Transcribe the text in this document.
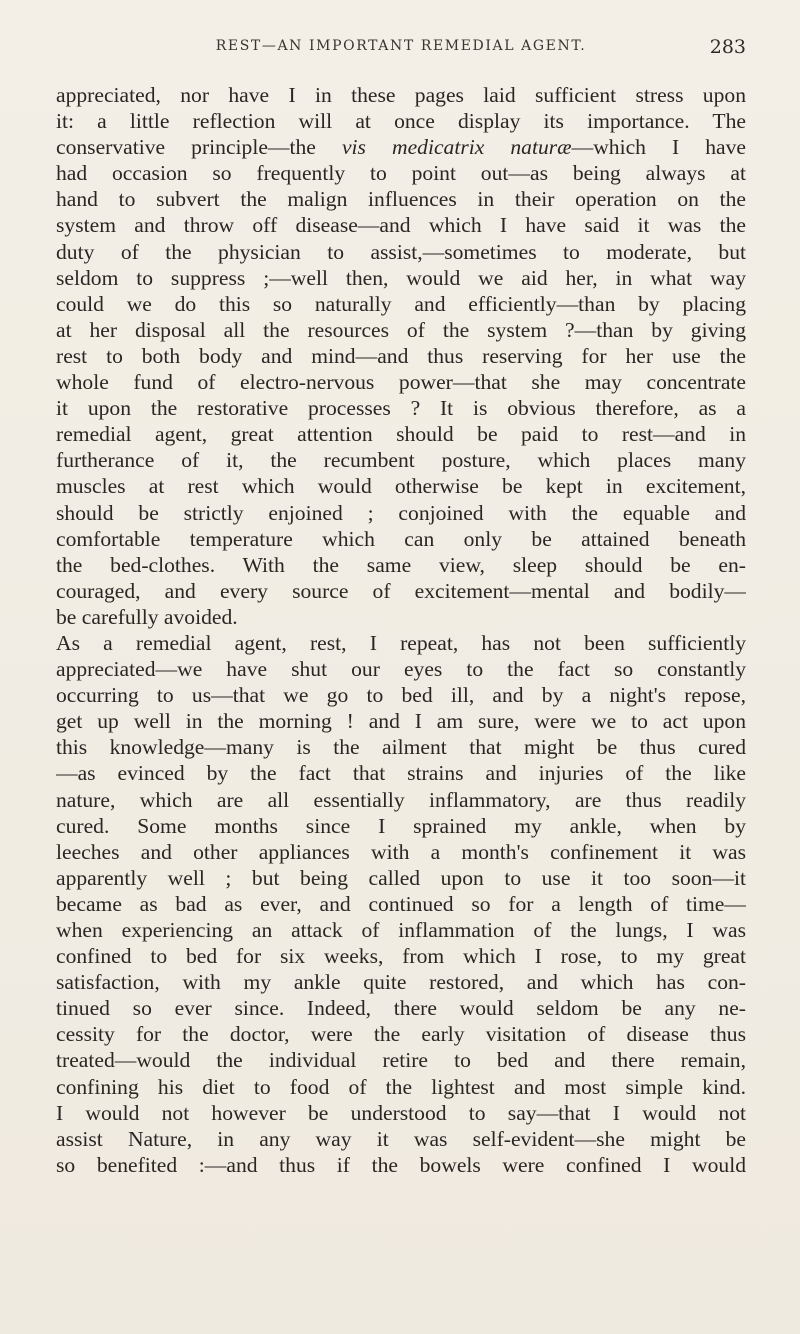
REST—AN IMPORTANT REMEDIAL AGENT.	283
appreciated, nor have I in these pages laid sufficient stress upon
it: a little reflection will at once display its importance. The
conservative principle—the vis medicatrix naturæ—which I have
had occasion so frequently to point out—as being always at
hand to subvert the malign influences in their operation on the
system and throw off disease—and which I have said it was the
duty of the physician to assist,—sometimes to moderate, but
seldom to suppress ;—well then, would we aid her, in what way
could we do this so naturally and efficiently—than by placing
at her disposal all the resources of the system ?—than by giving
rest to both body and mind—and thus reserving for her use the
whole fund of electro-nervous power—that she may concentrate
it upon the restorative processes ? It is obvious therefore, as a
remedial agent, great attention should be paid to rest—and in
furtherance of it, the recumbent posture, which places many
muscles at rest which would otherwise be kept in excitement,
should be strictly enjoined ; conjoined with the equable and
comfortable temperature which can only be attained beneath
the bed-clothes. With the same view, sleep should be en-
couraged, and every source of excitement—mental and bodily—
be carefully avoided.
As a remedial agent, rest, I repeat, has not been sufficiently
appreciated—we have shut our eyes to the fact so constantly
occurring to us—that we go to bed ill, and by a night's repose,
get up well in the morning ! and I am sure, were we to act upon
this knowledge—many is the ailment that might be thus cured
—as evinced by the fact that strains and injuries of the like
nature, which are all essentially inflammatory, are thus readily
cured. Some months since I sprained my ankle, when by
leeches and other appliances with a month's confinement it was
apparently well ; but being called upon to use it too soon—it
became as bad as ever, and continued so for a length of time—
when experiencing an attack of inflammation of the lungs, I was
confined to bed for six weeks, from which I rose, to my great
satisfaction, with my ankle quite restored, and which has con-
tinued so ever since. Indeed, there would seldom be any ne-
cessity for the doctor, were the early visitation of disease thus
treated—would the individual retire to bed and there remain,
confining his diet to food of the lightest and most simple kind.
I would not however be understood to say—that I would not
assist Nature, in any way it was self-evident—she might be
so benefited :—and thus if the bowels were confined I would
